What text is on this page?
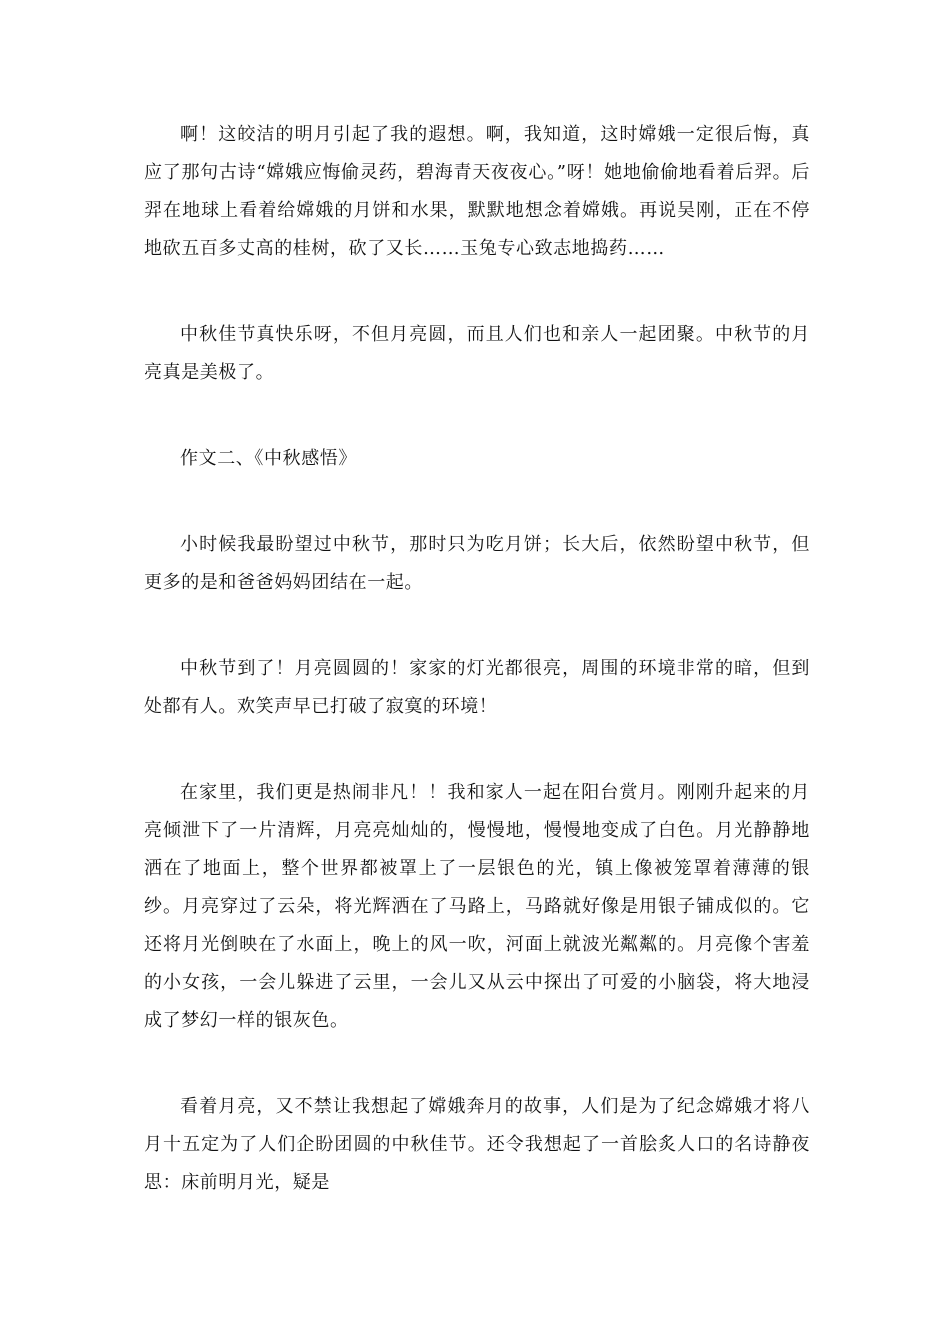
啊！这皎洁的明月引起了我的遐想。啊，我知道，这时嫦娥一定很后悔，真应了那句古诗“嫦娥应悔偷灵药，碧海青天夜夜心。”呀！她地偷偷地看着后羿。后羿在地球上看着给嫦娥的月饼和水果，默默地想念着嫦娥。再说吴刚，正在不停地砍五百多丈高的桂树，砍了又长……玉兔专心致志地捣药……

中秋佳节真快乐呀，不但月亮圆，而且人们也和亲人一起团聚。中秋节的月亮真是美极了。

作文二、《中秋感悟》

小时候我最盼望过中秋节，那时只为吃月饼；长大后，依然盼望中秋节，但更多的是和爸爸妈妈团结在一起。

中秋节到了！月亮圆圆的！家家的灯光都很亮，周围的环境非常的暗，但到处都有人。欢笑声早已打破了寂寞的环境！

在家里，我们更是热闹非凡！！我和家人一起在阳台赏月。刚刚升起来的月亮倾泄下了一片清辉，月亮亮灿灿的，慢慢地，慢慢地变成了白色。月光静静地洒在了地面上，整个世界都被罩上了一层银色的光，镇上像被笼罩着薄薄的银纱。月亮穿过了云朵，将光辉洒在了马路上，马路就好像是用银子铺成似的。它还将月光倒映在了水面上，晚上的风一吹，河面上就波光粼粼的。月亮像个害羞的小女孩，一会儿躲进了云里，一会儿又从云中探出了可爱的小脑袋，将大地浸成了梦幻一样的银灰色。

看着月亮，又不禁让我想起了嫦娥奔月的故事，人们是为了纪念嫦娥才将八月十五定为了人们企盼团圆的中秋佳节。还令我想起了一首脍炙人口的名诗静夜思：床前明月光，疑是
